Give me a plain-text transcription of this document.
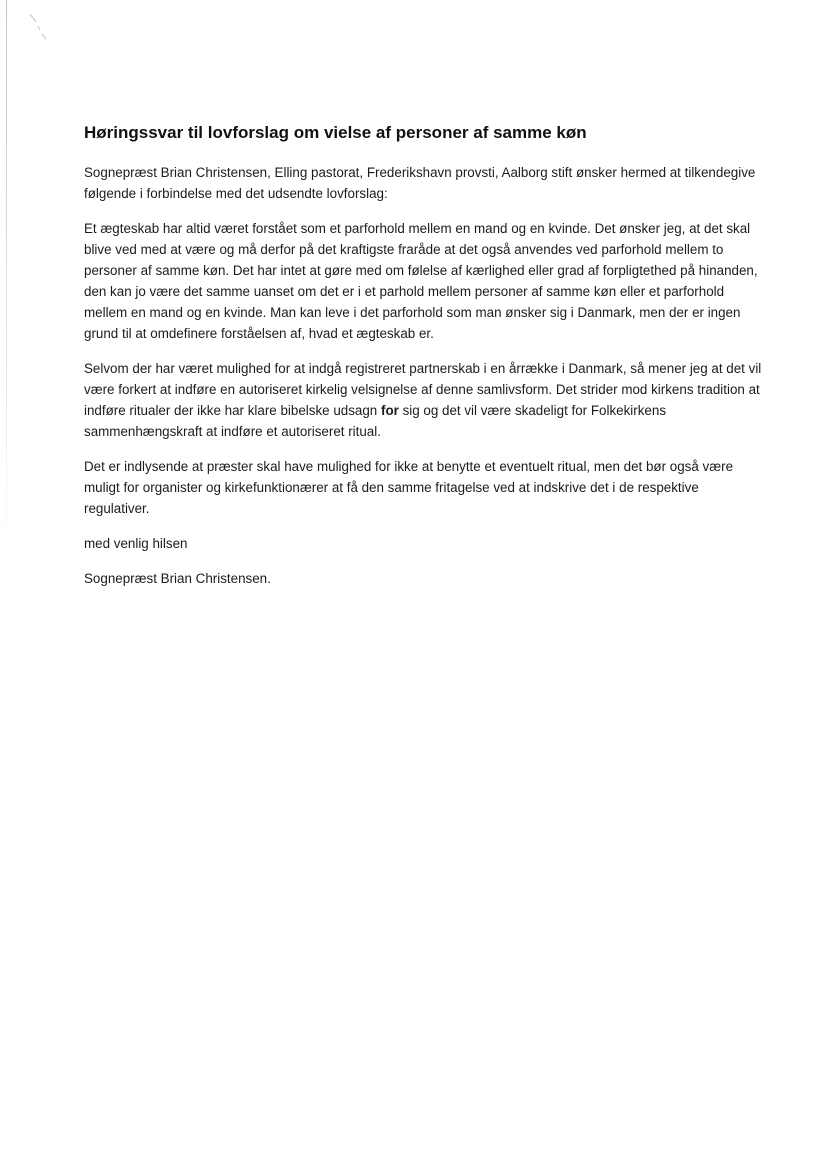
Høringssvar til lovforslag om vielse af personer af samme køn

Sognepræst Brian Christensen, Elling pastorat, Frederikshavn provsti, Aalborg stift ønsker hermed at tilkendegive følgende i forbindelse med det udsendte lovforslag:

Et ægteskab har altid været forstået som et parforhold mellem en mand og en kvinde. Det ønsker jeg, at det skal blive ved med at være og må derfor på det kraftigste fraråde at det også anvendes ved parforhold mellem to personer af samme køn. Det har intet at gøre med om følelse af kærlighed eller grad af forpligtethed på hinanden, den kan jo være det samme uanset om det er i et parhold mellem personer af samme køn eller et parforhold mellem en mand og en kvinde. Man kan leve i det parforhold som man ønsker sig i Danmark, men der er ingen grund til at omdefinere forståelsen af, hvad et ægteskab er.

Selvom der har været mulighed for at indgå registreret partnerskab i en årrække i Danmark, så mener jeg at det vil være forkert at indføre en autoriseret kirkelig velsignelse af denne samlivsform. Det strider mod kirkens tradition at indføre ritualer der ikke har klare bibelske udsagn for sig og det vil være skadeligt for Folkekirkens sammenhængskraft at indføre et autoriseret ritual.

Det er indlysende at præster skal have mulighed for ikke at benytte et eventuelt ritual, men det bør også være muligt for organister og kirkefunktionærer at få den samme fritagelse ved at indskrive det i de respektive regulativer.

med venlig hilsen

Sognepræst Brian Christensen.
